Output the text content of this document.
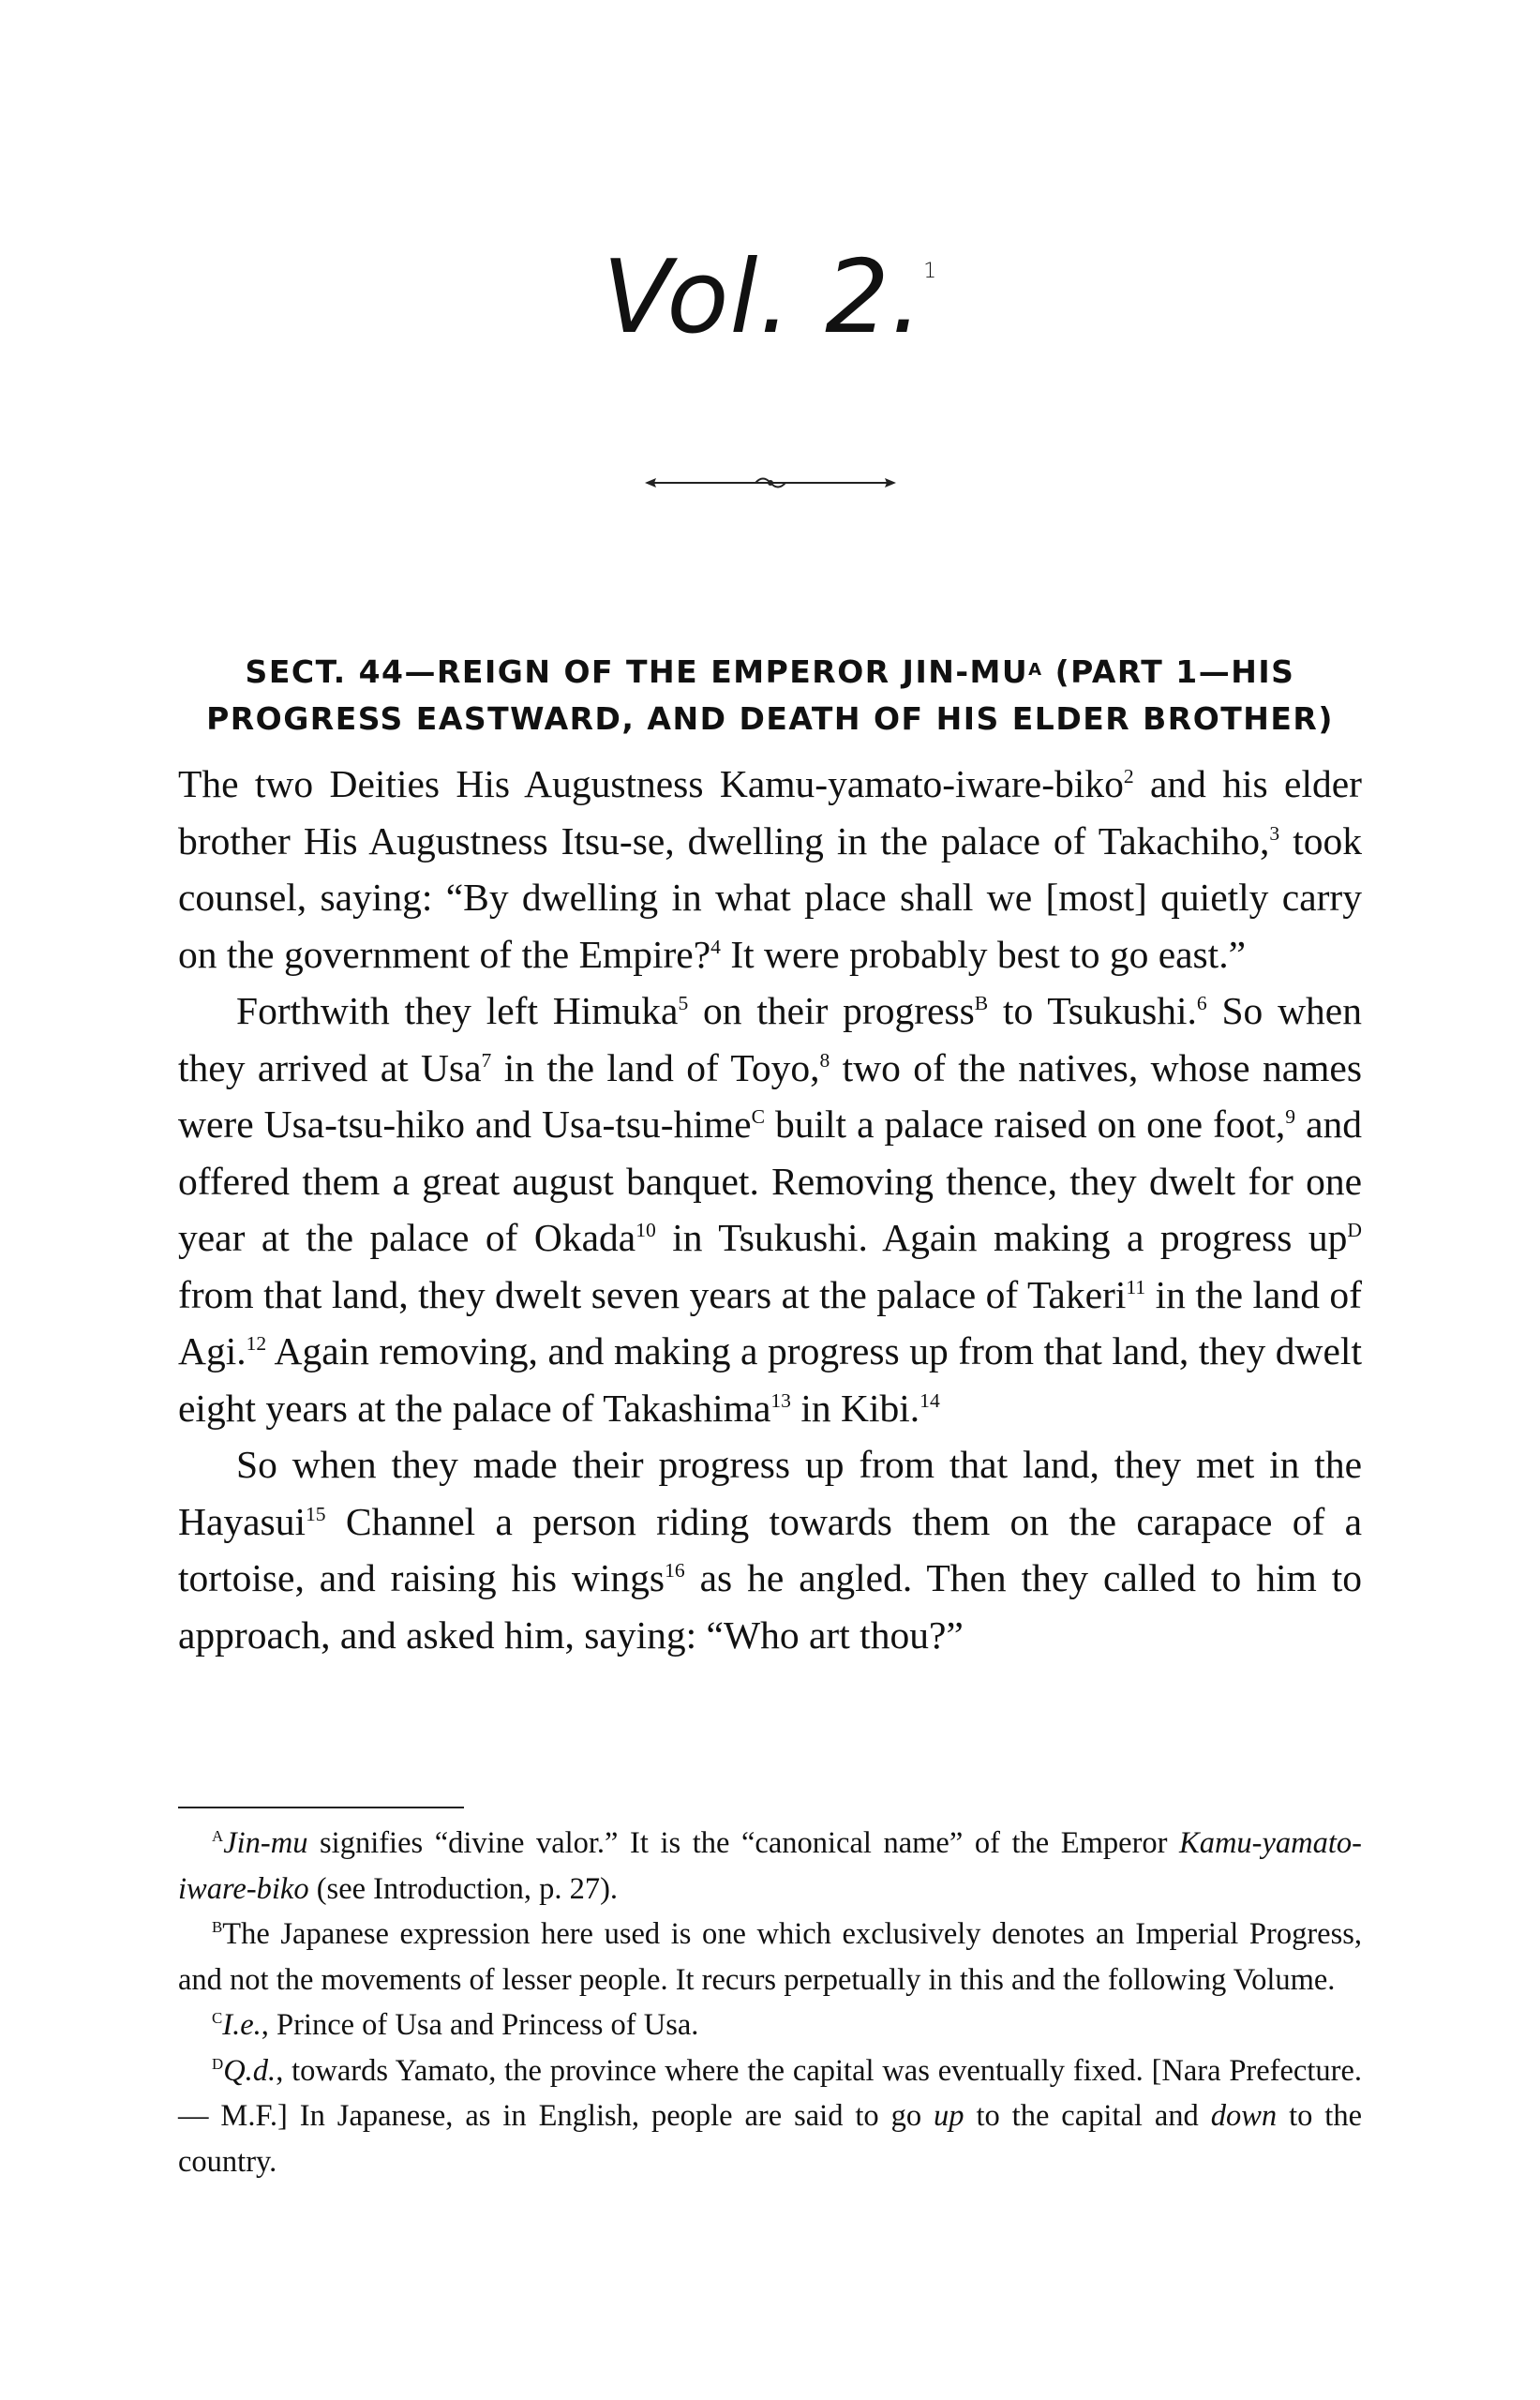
Vol. 2.$^1$
SECT. 44—REIGN OF THE EMPEROR JIN-$MU^A$ (PART 1—HIS
PROGRESS EASTWARD, AND DEATH OF HIS ELDER BROTHER)

The two Deities His Augustness Kamu-yamato-iware-biko$^2$ and his elder brother His Augustness Itsu-se, dwelling in the palace of Takachiho,$^3$ took counsel, saying: “By dwelling in what place shall we [most] quietly carry on the government of the Empire?$^4$ It were probably best to go east.”

Forthwith they left Himuka$^5$ on their progress$^B$ to Tsukushi.$^6$ So when they arrived at Usa$^7$ in the land of Toyo,$^8$ two of the natives, whose names were Usa-tsu-hiko and Usa-tsu-hime$^C$ built a palace raised on one foot,$^9$ and offered them a great august banquet. Removing thence, they dwelt for one year at the palace of Okada$^{10}$ in Tsukushi. Again making a progress $up^D$ from that land, they dwelt seven years at the palace of Takeri$^{11}$ in the land of Agi.$^{12}$ Again removing, and making a progress up from that land, they dwelt eight years at the palace of Takashima$^{13}$ in Kibi.$^{14}$

So when they made their progress up from that land, they met in the Hayasui$^{15}$ Channel a person riding towards them on the carapace of a tortoise, and raising his wings$^{16}$ as he angled. Then they called to him to approach, and asked him, saying: “Who art thou?”

$^A$Jin-mu signifies “divine valor.” It is the “canonical name” of the Emperor Kamu-yamato-iware-biko (see Introduction, p. 27).

$^B$The Japanese expression here used is one which exclusively denotes an Imperial Progress, and not the movements of lesser people. It recurs perpetually in this and the following Volume.

$^C$I.e., Prince of Usa and Princess of Usa.

$^D$Q.d., towards Yamato, the province where the capital was eventually fixed. [Nara Prefecture.— M.F.] In Japanese, as in English, people are said to go up to the capital and down to the country.
